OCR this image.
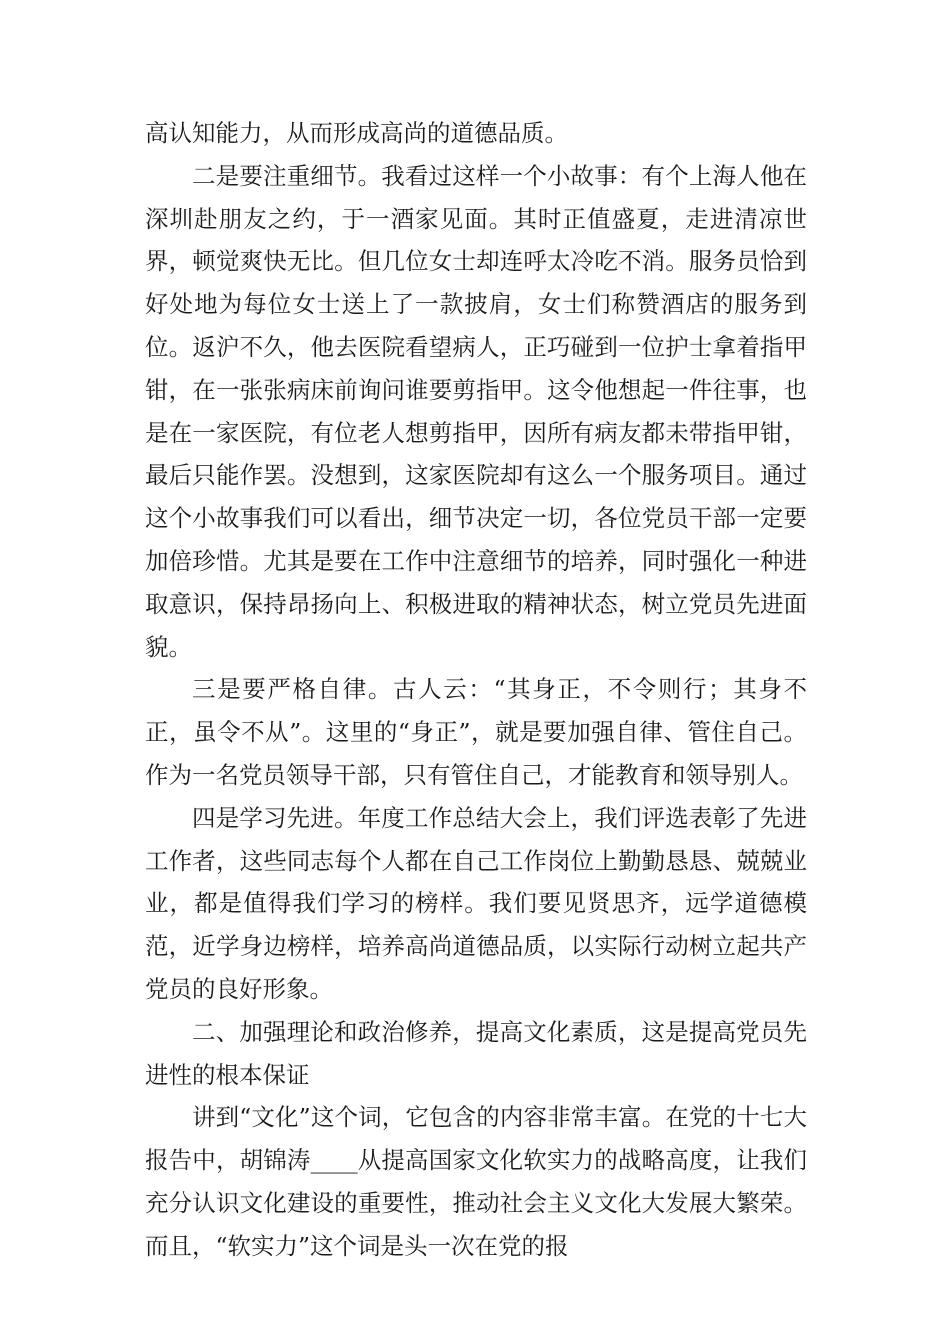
高认知能力，从而形成高尚的道德品质。

二是要注重细节。我看过这样一个小故事：有个上海人他在深圳赴朋友之约，于一酒家见面。其时正值盛夏，走进清凉世界，顿觉爽快无比。但几位女士却连呼太冷吃不消。服务员恰到好处地为每位女士送上了一款披肩，女士们称赞酒店的服务到位。返沪不久，他去医院看望病人，正巧碰到一位护士拿着指甲钳，在一张张病床前询问谁要剪指甲。这令他想起一件往事，也是在一家医院，有位老人想剪指甲，因所有病友都未带指甲钳，最后只能作罢。没想到，这家医院却有这么一个服务项目。通过这个小故事我们可以看出，细节决定一切，各位党员干部一定要加倍珍惜。尤其是要在工作中注意细节的培养，同时强化一种进取意识，保持昂扬向上、积极进取的精神状态，树立党员先进面貌。

三是要严格自律。古人云：“其身正，不令则行；其身不正，虽令不从”。这里的“身正”，就是要加强自律、管住自己。作为一名党员领导干部，只有管住自己，才能教育和领导别人。

四是学习先进。年度工作总结大会上，我们评选表彰了先进工作者，这些同志每个人都在自己工作岗位上勤勤恳恳、兢兢业业，都是值得我们学习的榜样。我们要见贤思齐，远学道德模范，近学身边榜样，培养高尚道德品质，以实际行动树立起共产党员的良好形象。

二、加强理论和政治修养，提高文化素质，这是提高党员先进性的根本保证

讲到“文化”这个词，它包含的内容非常丰富。在党的十七大报告中，胡锦涛____从提高国家文化软实力的战略高度，让我们充分认识文化建设的重要性，推动社会主义文化大发展大繁荣。而且，“软实力”这个词是头一次在党的报
